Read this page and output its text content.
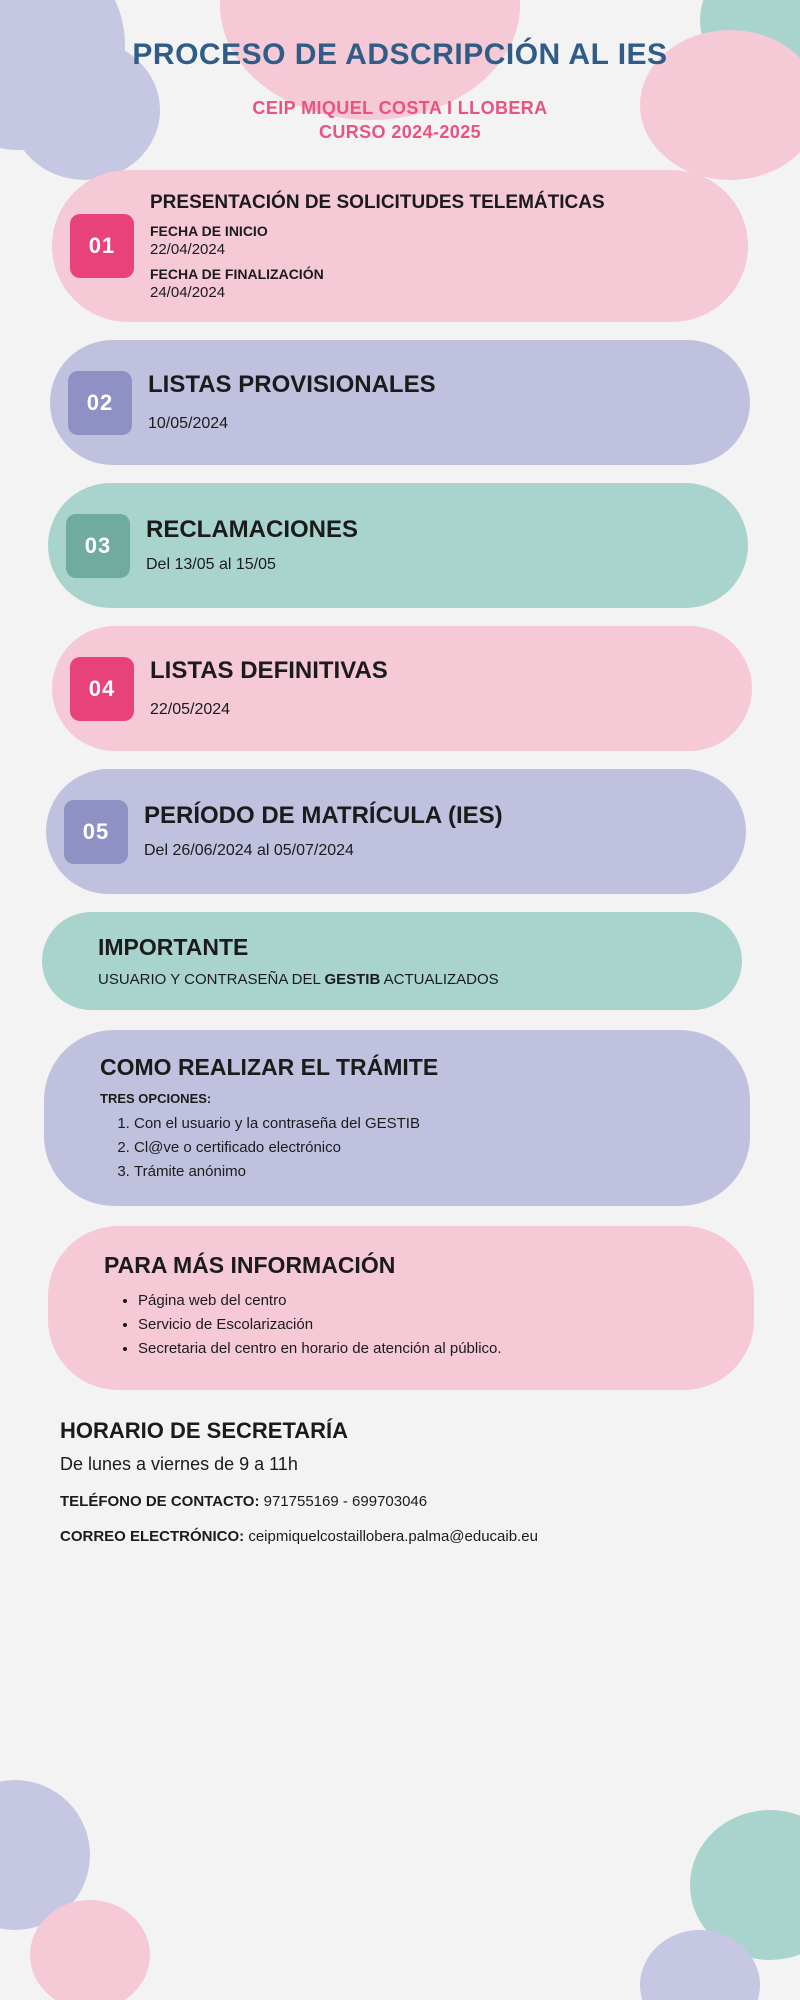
PROCESO DE ADSCRIPCIÓN AL IES
CEIP MIQUEL COSTA I LLOBERA
CURSO 2024-2025
01
PRESENTACIÓN DE SOLICITUDES TELEMÁTICAS
FECHA DE INICIO
22/04/2024
FECHA DE FINALIZACIÓN
24/04/2024
02
LISTAS PROVISIONALES
10/05/2024
03
RECLAMACIONES
Del 13/05 al 15/05
04
LISTAS DEFINITIVAS
22/05/2024
05
PERÍODO DE MATRÍCULA (IES)
Del 26/06/2024 al 05/07/2024
IMPORTANTE
USUARIO Y CONTRASEÑA DEL GESTIB ACTUALIZADOS
COMO REALIZAR EL TRÁMITE
TRES OPCIONES:
1. Con el usuario y la contraseña del GESTIB
2. Cl@ve o certificado electrónico
3. Trámite anónimo
PARA MÁS INFORMACIÓN
• Página web del centro
• Servicio de Escolarización
• Secretaria del centro en horario de atención al público.
HORARIO DE SECRETARÍA
De lunes a viernes de 9 a 11h
TELÉFONO DE CONTACTO: 971755169 - 699703046
CORREO ELECTRÓNICO: ceipmiquelcostaillobera.palma@educaib.eu
